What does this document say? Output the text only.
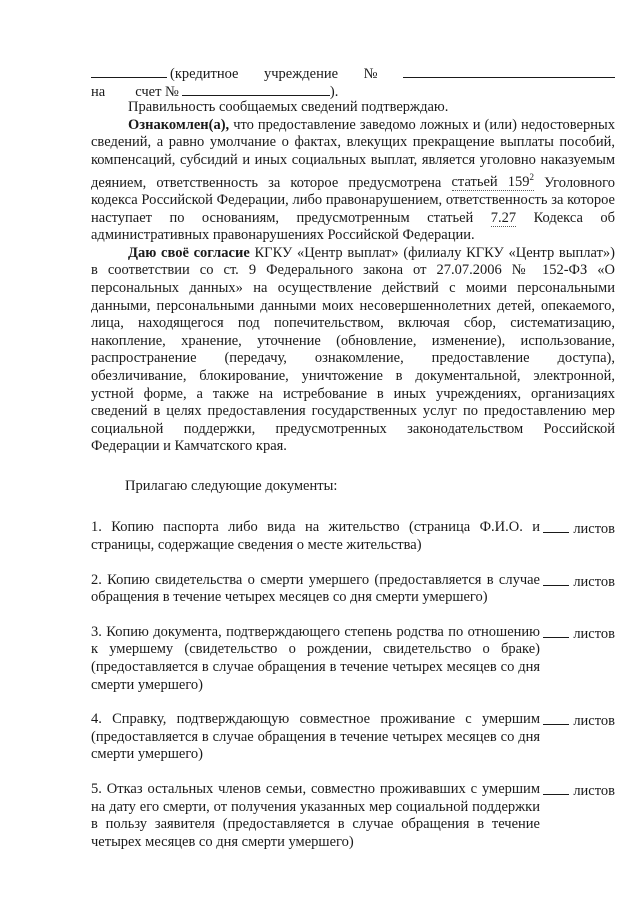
(кредитное учреждение №
на счет №	).

Правильность сообщаемых сведений подтверждаю.

Ознакомлен(а), что предоставление заведомо ложных и (или) недостоверных сведений, а равно умолчание о фактах, влекущих прекращение выплаты пособий, компенсаций, субсидий и иных социальных выплат, является уголовно наказуемым деянием, ответственность за которое предусмотрена статьей $159^2$ Уголовного кодекса Российской Федерации, либо правонарушением, ответственность за которое наступает по основаниям, предусмотренным статьей 7.27 Кодекса об административных правонарушениях Российской Федерации.

Даю своё согласие КГКУ «Центр выплат» (филиалу КГКУ «Центр выплат») в соответствии со ст. 9 Федерального закона от 27.07.2006 № 152-ФЗ «О персональных данных» на осуществление действий с моими персональными данными, персональными данными моих несовершеннолетних детей, опекаемого, лица, находящегося под попечительством, включая сбор, систематизацию, накопление, хранение, уточнение (обновление, изменение), использование, распространение (передачу, ознакомление, предоставление доступа), обезличивание, блокирование, уничтожение в документальной, электронной, устной форме, а также на истребование в иных учреждениях, организациях сведений в целях предоставления государственных услуг по предоставлению мер социальной поддержки, предусмотренных законодательством Российской Федерации и Камчатского края.

Прилагаю следующие документы:

1. Копию паспорта либо вида на жительство (страница Ф.И.О. и страницы, содержащие сведения о месте жительства)
листов
2. Копию свидетельства о смерти умершего (предоставляется в случае обращения в течение четырех месяцев со дня смерти умершего)
листов
3. Копию документа, подтверждающего степень родства по отношению к умершему (свидетельство о рождении, свидетельство о браке) (предоставляется в случае обращения в течение четырех месяцев со дня смерти умершего)
листов
4. Справку, подтверждающую совместное проживание с умершим (предоставляется в случае обращения в течение четырех месяцев со дня смерти умершего)
листов
5. Отказ остальных членов семьи, совместно проживавших с умершим на дату его смерти, от получения указанных мер социальной поддержки в пользу заявителя (предоставляется в случае обращения в течение четырех месяцев со дня смерти умершего)
листов
